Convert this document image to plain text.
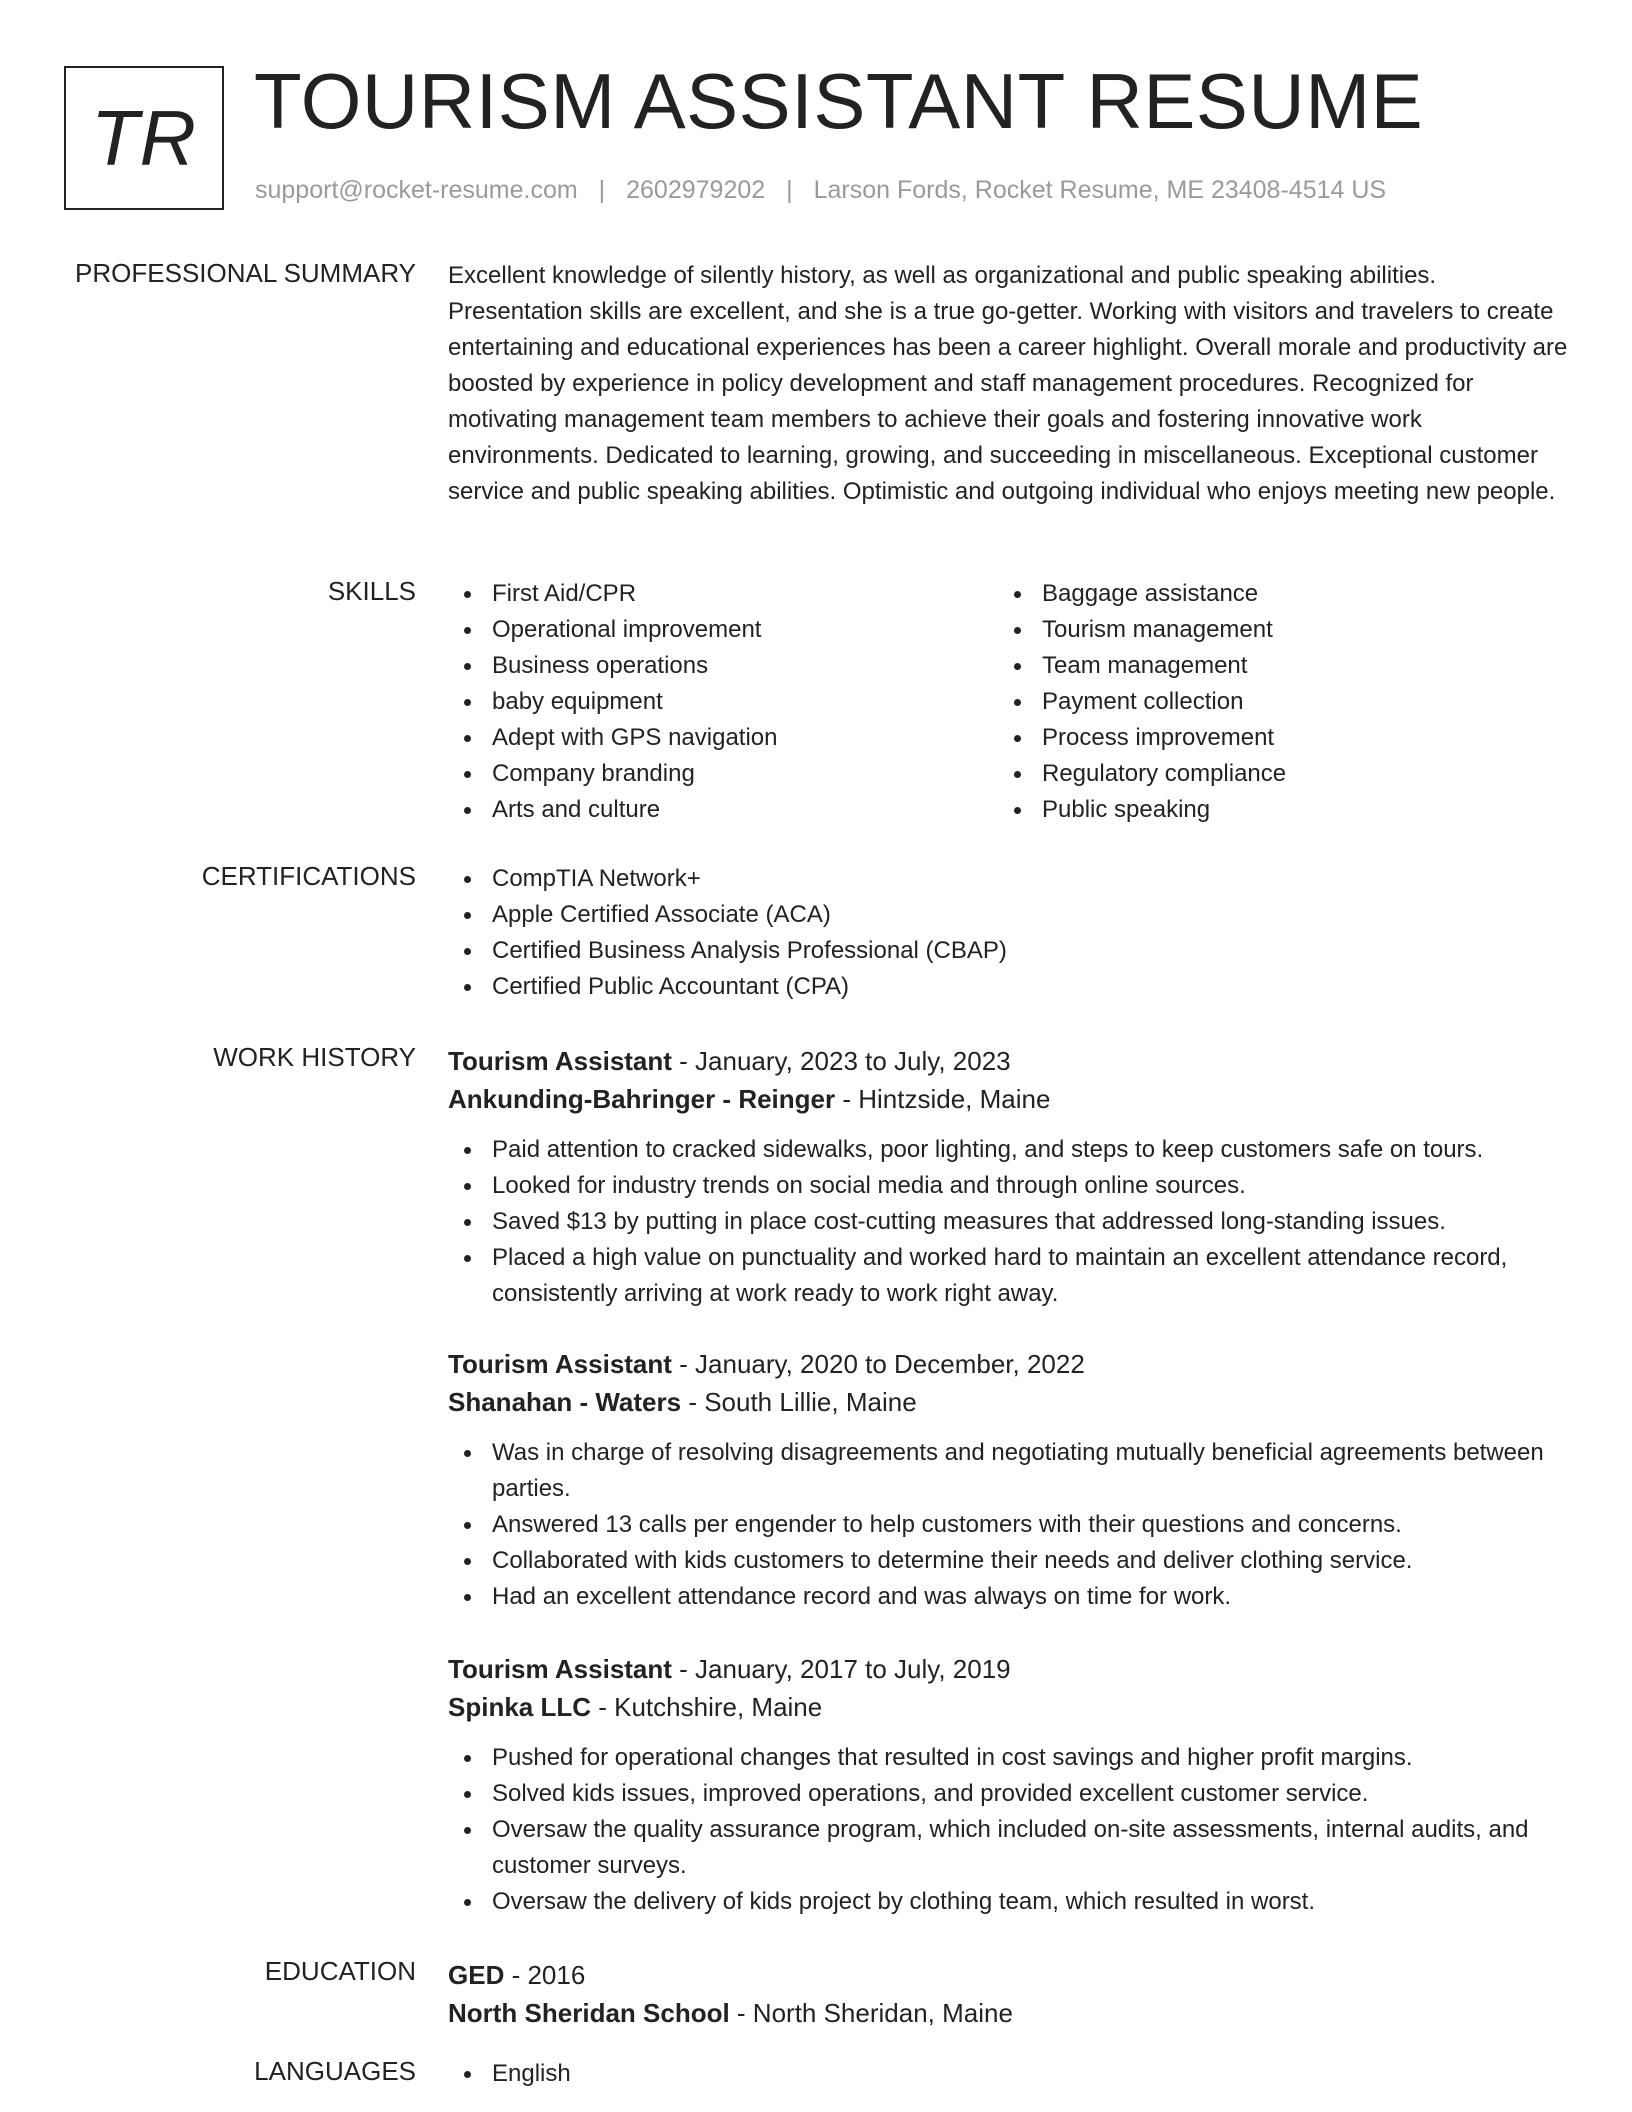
TR TOURISM ASSISTANT RESUME
support@rocket-resume.com | 2602979202 | Larson Fords, Rocket Resume, ME 23408-4514 US
PROFESSIONAL SUMMARY Excellent knowledge of silently history, as well as organizational and public speaking abilities. Presentation skills are excellent, and she is a true go-getter. Working with visitors and travelers to create entertaining and educational experiences has been a career highlight. Overall morale and productivity are boosted by experience in policy development and staff management procedures. Recognized for motivating management team members to achieve their goals and fostering innovative work environments. Dedicated to learning, growing, and succeeding in miscellaneous. Exceptional customer service and public speaking abilities. Optimistic and outgoing individual who enjoys meeting new people.
SKILLS	First Aid/CPR
Operational improvement
Business operations
baby equipment
Adept with GPS navigation
Company branding
Arts and culture
Baggage assistance
Tourism management
Team management
Payment collection
Process improvement
Regulatory compliance
Public speaking
CERTIFICATIONS	CompTIA Network+
Apple Certified Associate (ACA)
Certified Business Analysis Professional (CBAP)
Certified Public Accountant (CPA)
WORK HISTORY Tourism Assistant - January, 2023 to July, 2023
Ankunding-Bahringer - Reinger - Hintzside, Maine
Paid attention to cracked sidewalks, poor lighting, and steps to keep customers safe on tours.
Looked for industry trends on social media and through online sources.
Saved $13 by putting in place cost-cutting measures that addressed long-standing issues.
Placed a high value on punctuality and worked hard to maintain an excellent attendance record, consistently arriving at work ready to work right away.
Tourism Assistant - January, 2020 to December, 2022
Shanahan - Waters - South Lillie, Maine
Was in charge of resolving disagreements and negotiating mutually beneficial agreements between parties.
Answered 13 calls per engender to help customers with their questions and concerns.
Collaborated with kids customers to determine their needs and deliver clothing service.
Had an excellent attendance record and was always on time for work.
Tourism Assistant - January, 2017 to July, 2019
Spinka LLC - Kutchshire, Maine
Pushed for operational changes that resulted in cost savings and higher profit margins.
Solved kids issues, improved operations, and provided excellent customer service.
Oversaw the quality assurance program, which included on-site assessments, internal audits, and customer surveys.
Oversaw the delivery of kids project by clothing team, which resulted in worst.
EDUCATION GED - 2016
North Sheridan School - North Sheridan, Maine
LANGUAGES	English
